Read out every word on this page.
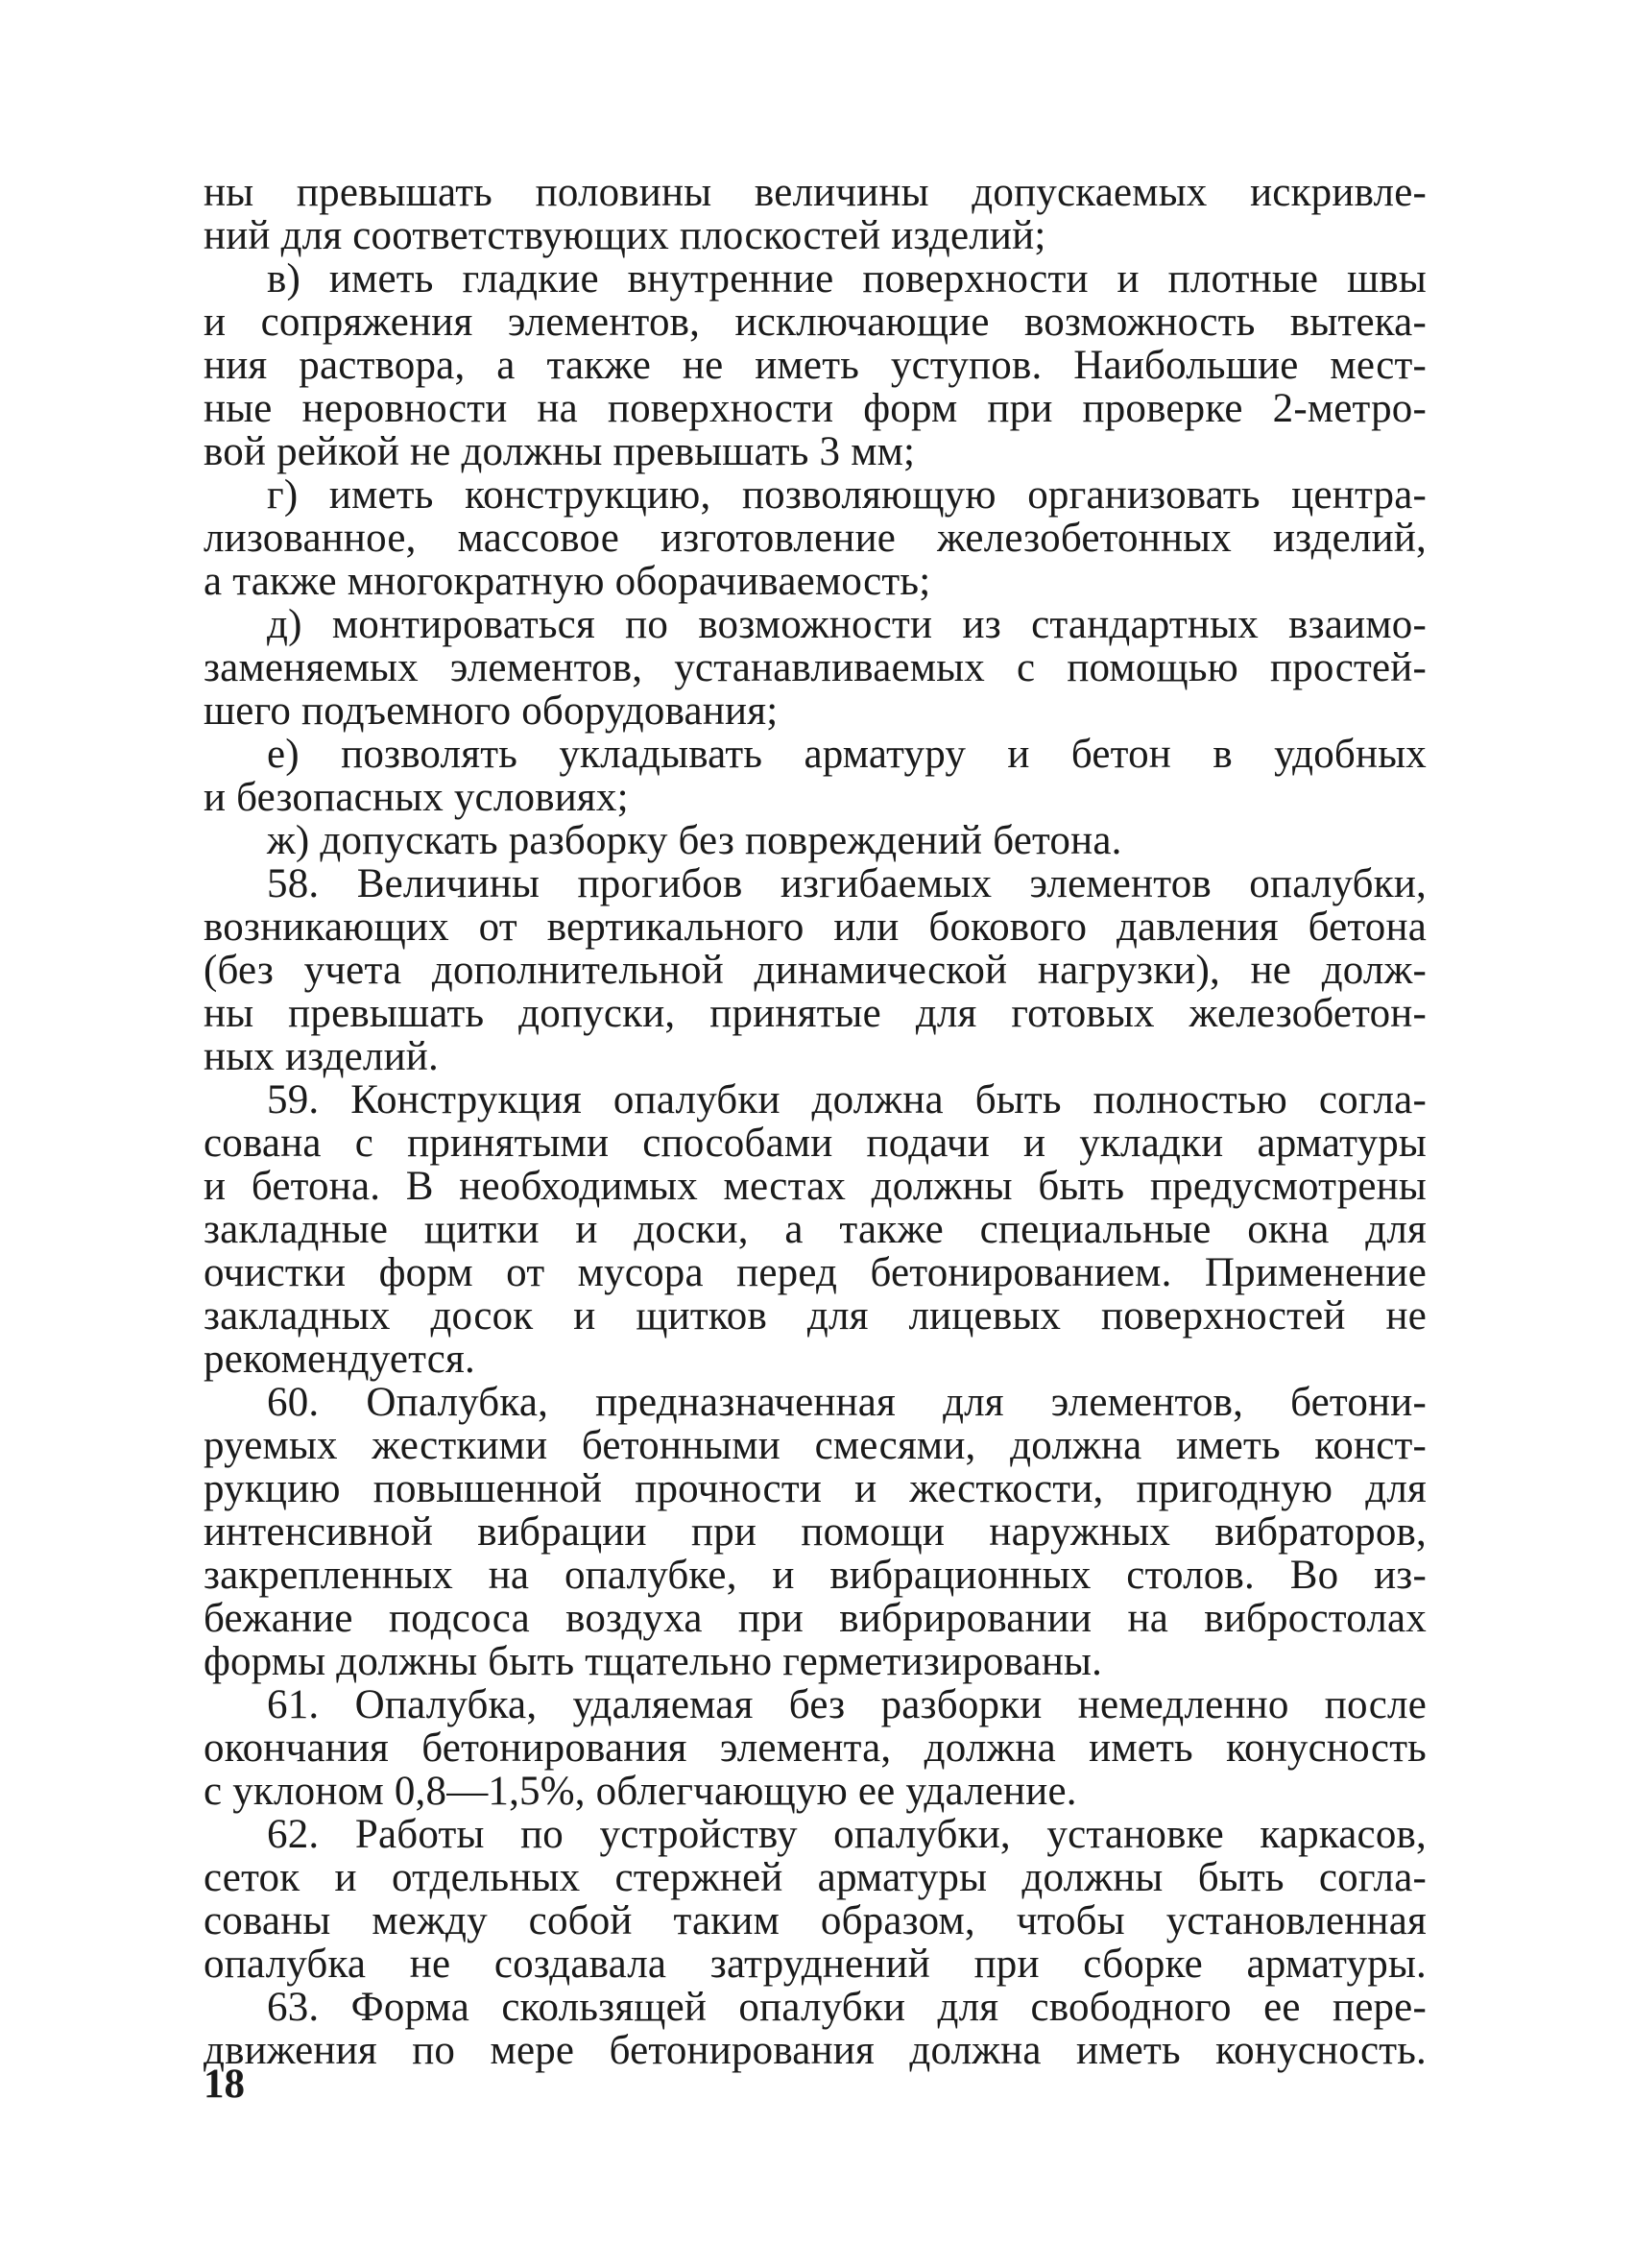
ны превышать половины величины допускаемых искривле-
ний для соответствующих плоскостей изделий;
в) иметь гладкие внутренние поверхности и плотные швы
и сопряжения элементов, исключающие возможность вытека-
ния раствора, а также не иметь уступов. Наибольшие мест-
ные неровности на поверхности форм при проверке 2-метро-
вой рейкой не должны превышать 3 мм;
г) иметь конструкцию, позволяющую организовать центра-
лизованное, массовое изготовление железобетонных изделий,
а также многократную оборачиваемость;
д) монтироваться по возможности из стандартных взаимо-
заменяемых элементов, устанавливаемых с помощью простей-
шего подъемного оборудования;
е) позволять укладывать арматуру и бетон в удобных
и безопасных условиях;
ж) допускать разборку без повреждений бетона.
58. Величины прогибов изгибаемых элементов опалубки,
возникающих от вертикального или бокового давления бетона
(без учета дополнительной динамической нагрузки), не долж-
ны превышать допуски, принятые для готовых железобетон-
ных изделий.
59. Конструкция опалубки должна быть полностью согла-
сована с принятыми способами подачи и укладки арматуры
и бетона. В необходимых местах должны быть предусмотрены
закладные щитки и доски, а также специальные окна для
очистки форм от мусора перед бетонированием. Применение
закладных досок и щитков для лицевых поверхностей не
рекомендуется.
60. Опалубка, предназначенная для элементов, бетони-
руемых жесткими бетонными смесями, должна иметь конст-
рукцию повышенной прочности и жесткости, пригодную для
интенсивной вибрации при помощи наружных вибраторов,
закрепленных на опалубке, и вибрационных столов. Во из-
бежание подсоса воздуха при вибрировании на вибростолах
формы должны быть тщательно герметизированы.
61. Опалубка, удаляемая без разборки немедленно после
окончания бетонирования элемента, должна иметь конусность
с уклоном 0,8—1,5%, облегчающую ее удаление.
62. Работы по устройству опалубки, установке каркасов,
сеток и отдельных стержней арматуры должны быть согла-
сованы между собой таким образом, чтобы установленная
опалубка не создавала затруднений при сборке арматуры.
63. Форма скользящей опалубки для свободного ее пере-
движения по мере бетонирования должна иметь конусность.
18
